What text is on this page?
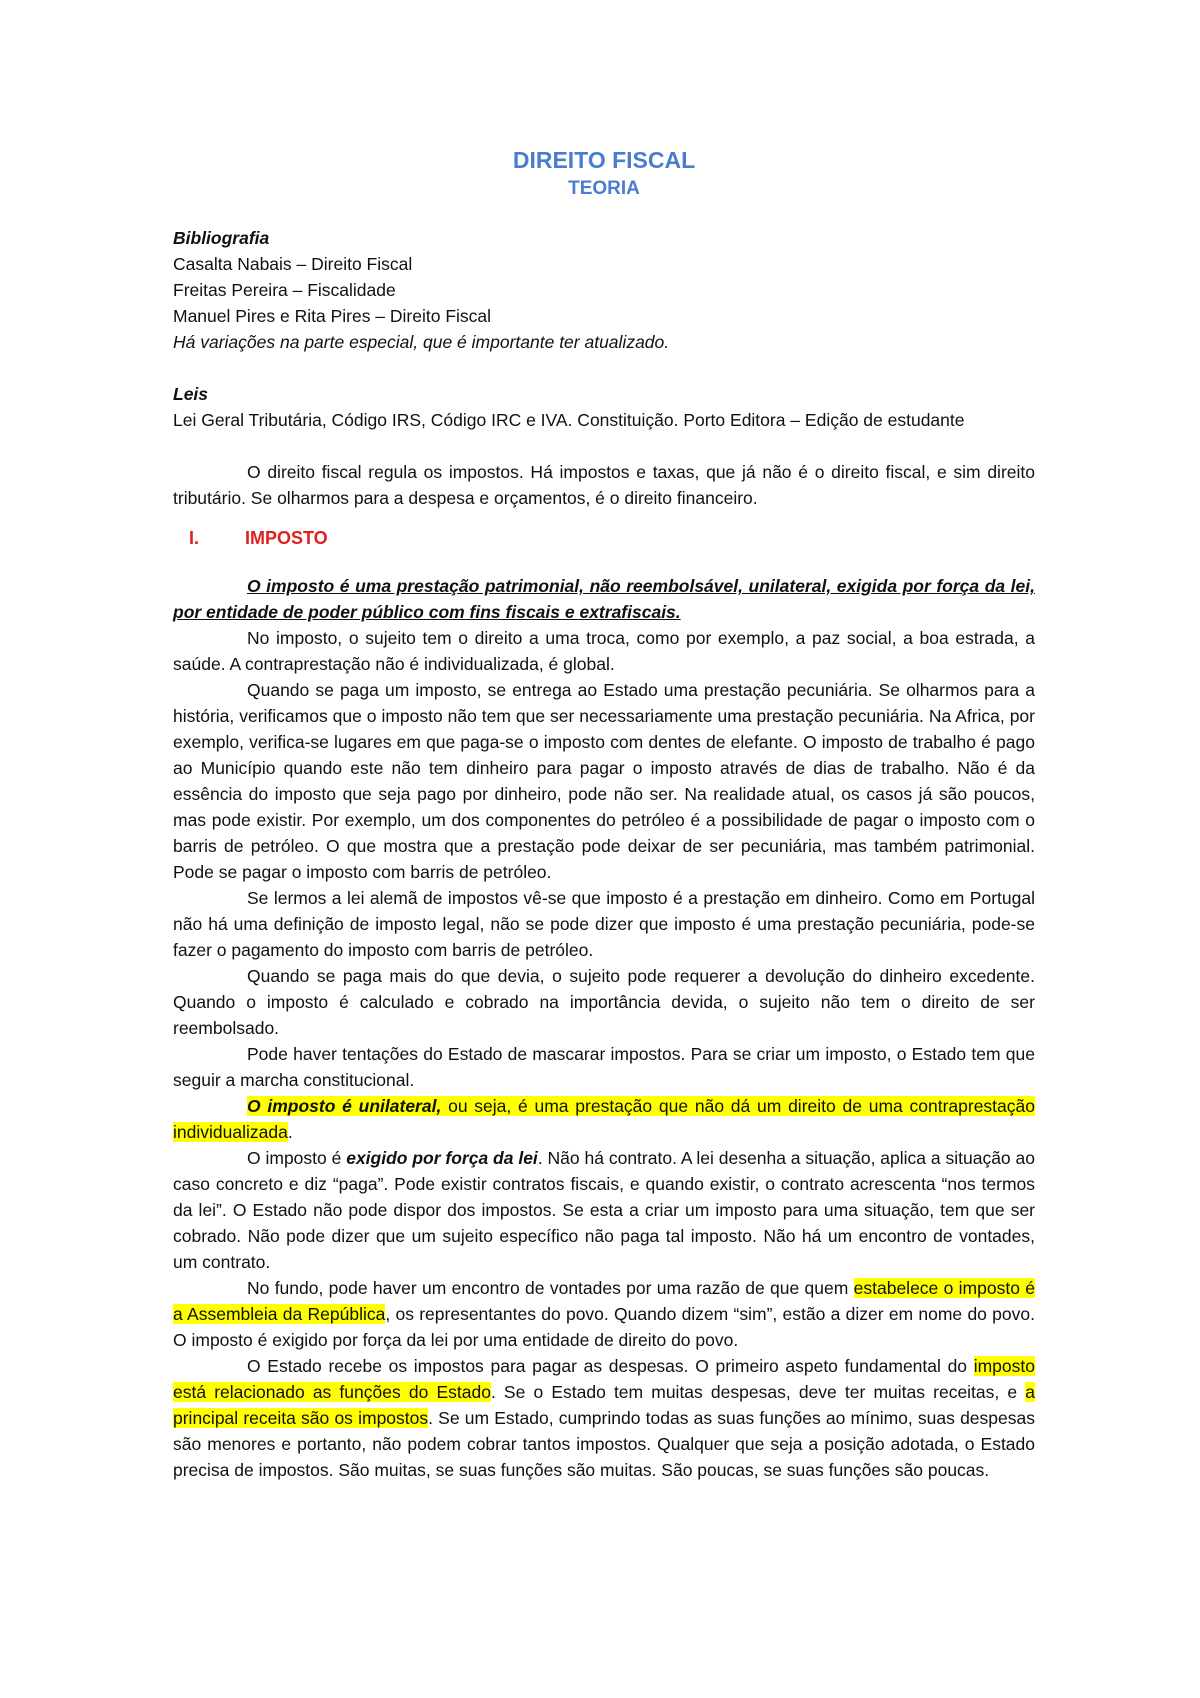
DIREITO FISCAL
TEORIA

Bibliografia

Casalta Nabais – Direito Fiscal

Freitas Pereira – Fiscalidade

Manuel Pires e Rita Pires – Direito Fiscal

Há variações na parte especial, que é importante ter atualizado.

Leis

Lei Geral Tributária, Código IRS, Código IRC e IVA. Constituição. Porto Editora – Edição de estudante

O direito fiscal regula os impostos. Há impostos e taxas, que já não é o direito fiscal, e sim direito tributário. Se olharmos para a despesa e orçamentos, é o direito financeiro.

I.	IMPOSTO

O imposto é uma prestação patrimonial, não reembolsável, unilateral, exigida por força da lei, por entidade de poder público com fins fiscais e extrafiscais.

No imposto, o sujeito tem o direito a uma troca, como por exemplo, a paz social, a boa estrada, a saúde. A contraprestação não é individualizada, é global.

Quando se paga um imposto, se entrega ao Estado uma prestação pecuniária. Se olharmos para a história, verificamos que o imposto não tem que ser necessariamente uma prestação pecuniária. Na Africa, por exemplo, verifica-se lugares em que paga-se o imposto com dentes de elefante. O imposto de trabalho é pago ao Município quando este não tem dinheiro para pagar o imposto através de dias de trabalho. Não é da essência do imposto que seja pago por dinheiro, pode não ser. Na realidade atual, os casos já são poucos, mas pode existir. Por exemplo, um dos componentes do petróleo é a possibilidade de pagar o imposto com o barris de petróleo. O que mostra que a prestação pode deixar de ser pecuniária, mas também patrimonial. Pode se pagar o imposto com barris de petróleo.

Se lermos a lei alemã de impostos vê-se que imposto é a prestação em dinheiro. Como em Portugal não há uma definição de imposto legal, não se pode dizer que imposto é uma prestação pecuniária, pode-se fazer o pagamento do imposto com barris de petróleo.

Quando se paga mais do que devia, o sujeito pode requerer a devolução do dinheiro excedente. Quando o imposto é calculado e cobrado na importância devida, o sujeito não tem o direito de ser reembolsado.

Pode haver tentações do Estado de mascarar impostos. Para se criar um imposto, o Estado tem que seguir a marcha constitucional.

O imposto é unilateral, ou seja, é uma prestação que não dá um direito de uma contraprestação individualizada.

O imposto é exigido por força da lei. Não há contrato. A lei desenha a situação, aplica a situação ao caso concreto e diz “paga”. Pode existir contratos fiscais, e quando existir, o contrato acrescenta “nos termos da lei”. O Estado não pode dispor dos impostos. Se esta a criar um imposto para uma situação, tem que ser cobrado. Não pode dizer que um sujeito específico não paga tal imposto. Não há um encontro de vontades, um contrato.

No fundo, pode haver um encontro de vontades por uma razão de que quem estabelece o imposto é a Assembleia da República, os representantes do povo. Quando dizem “sim”, estão a dizer em nome do povo. O imposto é exigido por força da lei por uma entidade de direito do povo.

O Estado recebe os impostos para pagar as despesas. O primeiro aspeto fundamental do imposto está relacionado as funções do Estado. Se o Estado tem muitas despesas, deve ter muitas receitas, e a principal receita são os impostos. Se um Estado, cumprindo todas as suas funções ao mínimo, suas despesas são menores e portanto, não podem cobrar tantos impostos. Qualquer que seja a posição adotada, o Estado precisa de impostos. São muitas, se suas funções são muitas. São poucas, se suas funções são poucas.
